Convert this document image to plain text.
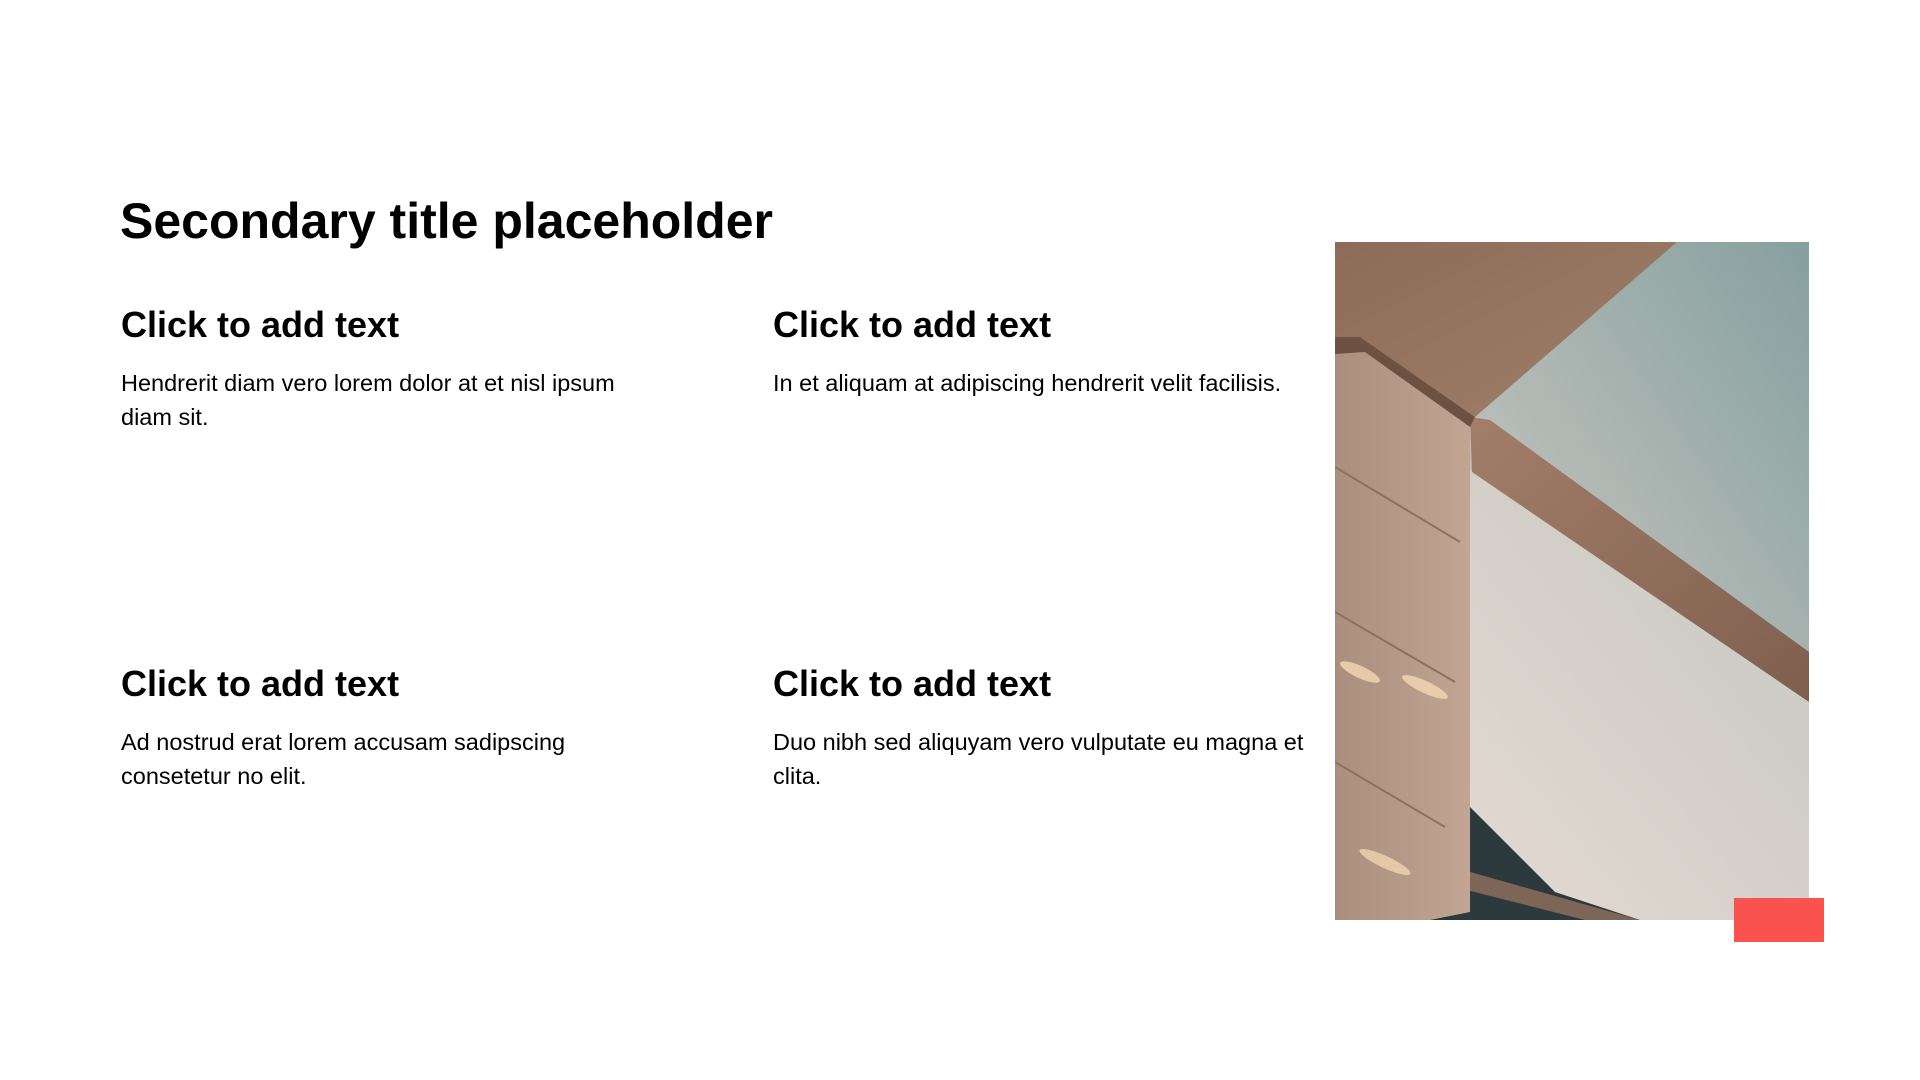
Secondary title placeholder
Click to add text

Hendrerit diam vero lorem dolor at et nisl ipsum diam sit.

Click to add text

In et aliquam at adipiscing hendrerit velit facilisis.

Click to add text

Ad nostrud erat lorem accusam sadipscing consetetur no elit.

Click to add text

Duo nibh sed aliquyam vero vulputate eu magna et clita.
